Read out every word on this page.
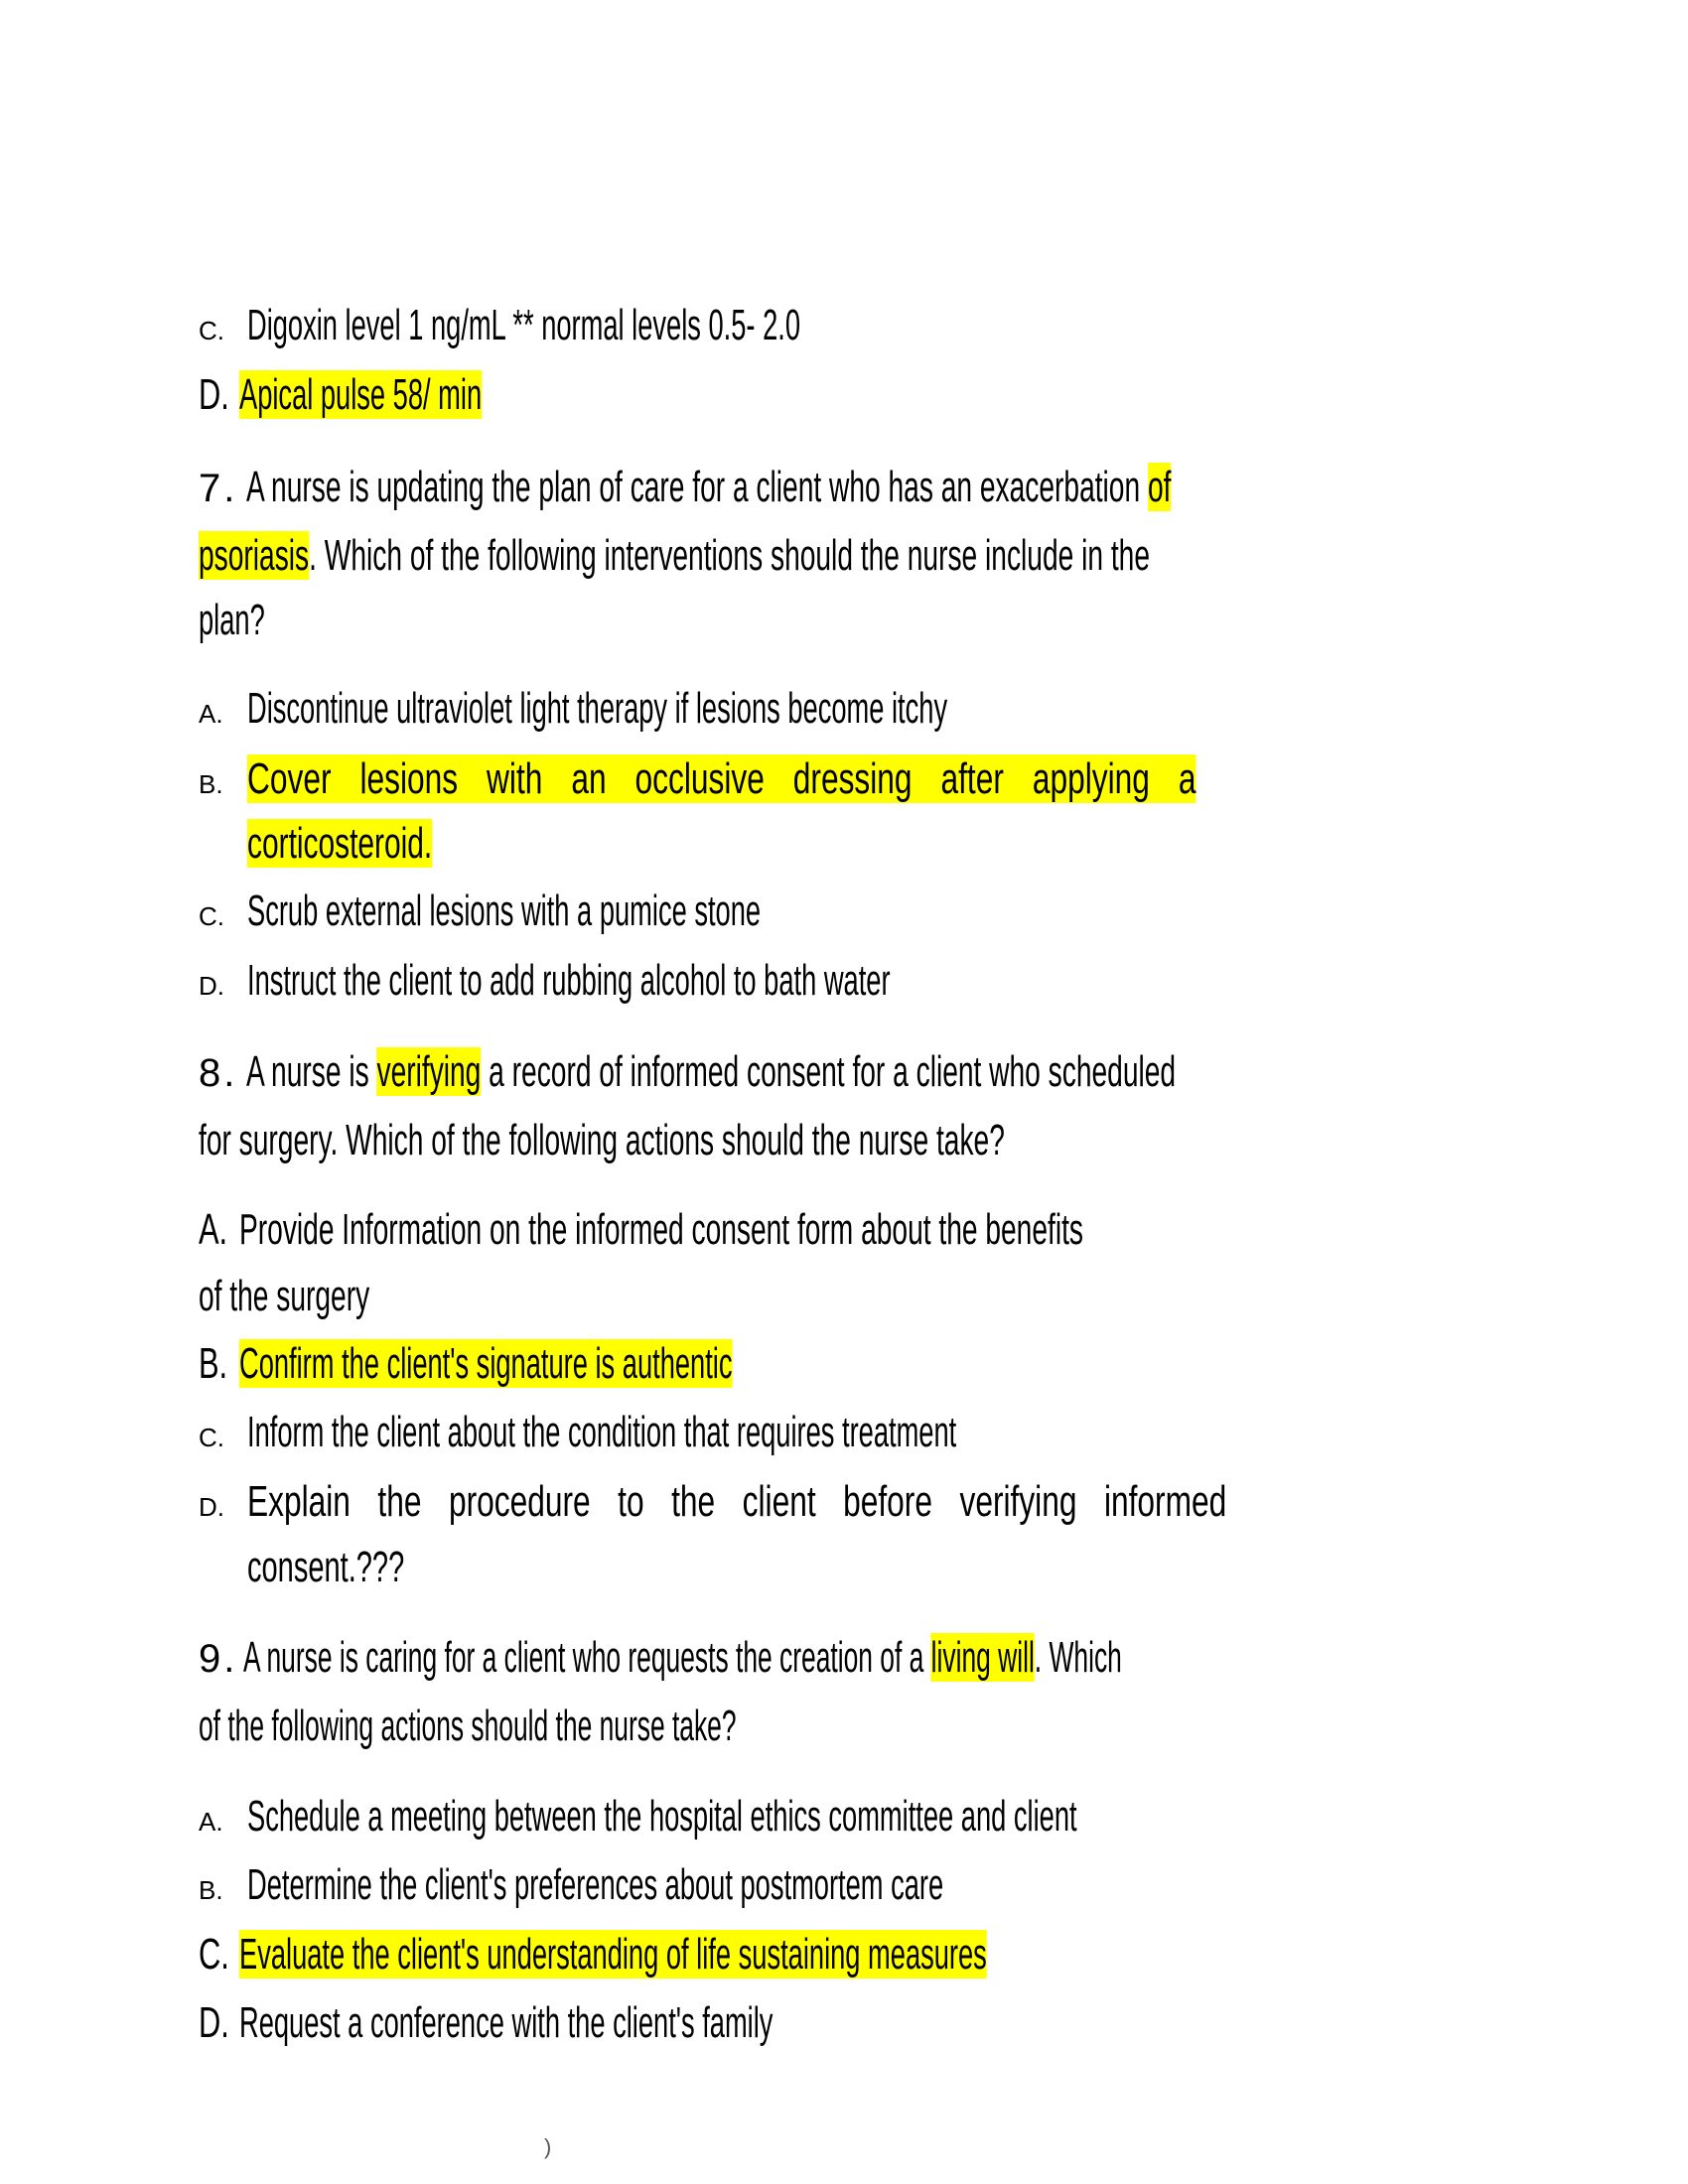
C. Digoxin level 1 ng/mL ** normal levels 0.5- 2.0
D. Apical pulse 58/ min
7. A nurse is updating the plan of care for a client who has an exacerbation of
psoriasis. Which of the following interventions should the nurse include in the
plan?
A. Discontinue ultraviolet light therapy if lesions become itchy
B. Cover lesions with an occlusive dressing after applying a
corticosteroid.
C. Scrub external lesions with a pumice stone
D. Instruct the client to add rubbing alcohol to bath water
8. A nurse is verifying a record of informed consent for a client who scheduled
for surgery. Which of the following actions should the nurse take?
A. Provide Information on the informed consent form about the benefits
of the surgery
B. Confirm the client's signature is authentic
C. Inform the client about the condition that requires treatment
D. Explain the procedure to the client before verifying informed
consent.???
9. A nurse is caring for a client who requests the creation of a living will. Which
of the following actions should the nurse take?
A. Schedule a meeting between the hospital ethics committee and client
B. Determine the client's preferences about postmortem care
C. Evaluate the client's understanding of life sustaining measures
D. Request a conference with the client's family
)
